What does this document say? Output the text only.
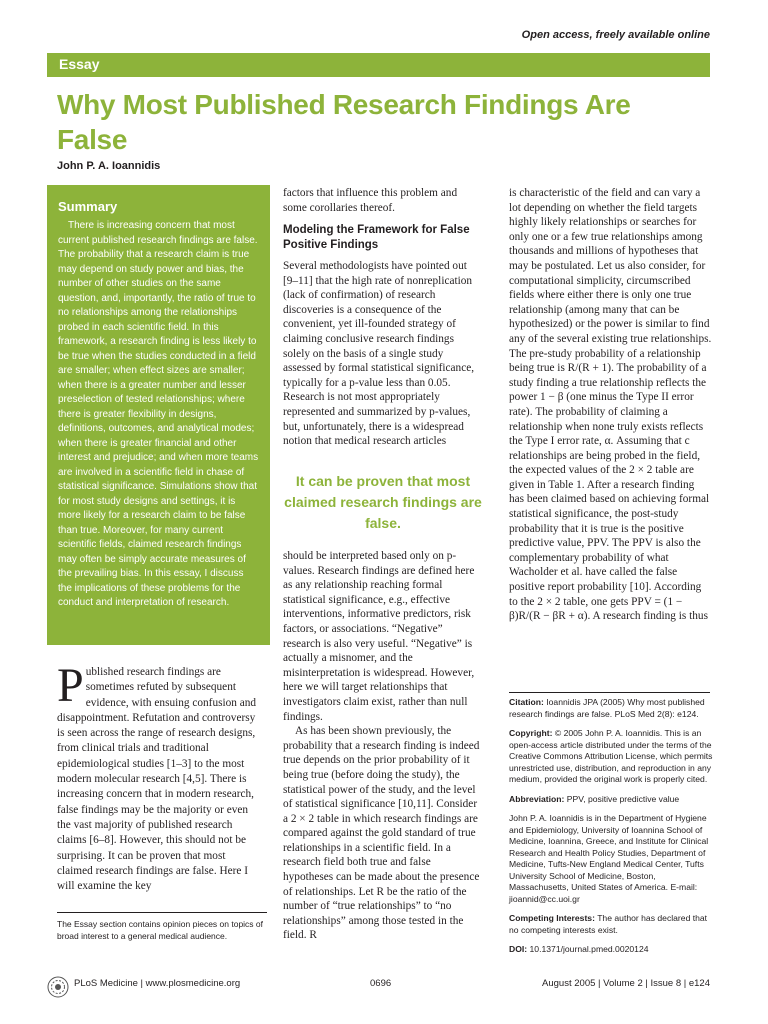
Open access, freely available online
Essay
Why Most Published Research Findings Are False
John P. A. Ioannidis
Summary
There is increasing concern that most current published research findings are false. The probability that a research claim is true may depend on study power and bias, the number of other studies on the same question, and, importantly, the ratio of true to no relationships among the relationships probed in each scientific field. In this framework, a research finding is less likely to be true when the studies conducted in a field are smaller; when effect sizes are smaller; when there is a greater number and lesser preselection of tested relationships; where there is greater flexibility in designs, definitions, outcomes, and analytical modes; when there is greater financial and other interest and prejudice; and when more teams are involved in a scientific field in chase of statistical significance. Simulations show that for most study designs and settings, it is more likely for a research claim to be false than true. Moreover, for many current scientific fields, claimed research findings may often be simply accurate measures of the prevailing bias. In this essay, I discuss the implications of these problems for the conduct and interpretation of research.
Published research findings are sometimes refuted by subsequent evidence, with ensuing confusion and disappointment. Refutation and controversy is seen across the range of research designs, from clinical trials and traditional epidemiological studies [1–3] to the most modern molecular research [4,5]. There is increasing concern that in modern research, false findings may be the majority or even the vast majority of published research claims [6–8]. However, this should not be surprising. It can be proven that most claimed research findings are false. Here I will examine the key
The Essay section contains opinion pieces on topics of broad interest to a general medical audience.
factors that influence this problem and some corollaries thereof.
Modeling the Framework for False Positive Findings
Several methodologists have pointed out [9–11] that the high rate of nonreplication (lack of confirmation) of research discoveries is a consequence of the convenient, yet ill-founded strategy of claiming conclusive research findings solely on the basis of a single study assessed by formal statistical significance, typically for a p-value less than 0.05. Research is not most appropriately represented and summarized by p-values, but, unfortunately, there is a widespread notion that medical research articles
It can be proven that most claimed research findings are false.
should be interpreted based only on p-values. Research findings are defined here as any relationship reaching formal statistical significance, e.g., effective interventions, informative predictors, risk factors, or associations. “Negative” research is also very useful. “Negative” is actually a misnomer, and the misinterpretation is widespread. However, here we will target relationships that investigators claim exist, rather than null findings.
As has been shown previously, the probability that a research finding is indeed true depends on the prior probability of it being true (before doing the study), the statistical power of the study, and the level of statistical significance [10,11]. Consider a 2 × 2 table in which research findings are compared against the gold standard of true relationships in a scientific field. In a research field both true and false hypotheses can be made about the presence of relationships. Let R be the ratio of the number of “true relationships” to “no relationships” among those tested in the field. R
is characteristic of the field and can vary a lot depending on whether the field targets highly likely relationships or searches for only one or a few true relationships among thousands and millions of hypotheses that may be postulated. Let us also consider, for computational simplicity, circumscribed fields where either there is only one true relationship (among many that can be hypothesized) or the power is similar to find any of the several existing true relationships. The pre-study probability of a relationship being true is R/(R + 1). The probability of a study finding a true relationship reflects the power 1 − β (one minus the Type II error rate). The probability of claiming a relationship when none truly exists reflects the Type I error rate, α. Assuming that c relationships are being probed in the field, the expected values of the 2 × 2 table are given in Table 1. After a research finding has been claimed based on achieving formal statistical significance, the post-study probability that it is true is the positive predictive value, PPV. The PPV is also the complementary probability of what Wacholder et al. have called the false positive report probability [10]. According to the 2 × 2 table, one gets PPV = (1 − β)R/(R − βR + α). A research finding is thus

Citation: Ioannidis JPA (2005) Why most published research findings are false. PLoS Med 2(8): e124.

Copyright: © 2005 John P. A. Ioannidis. This is an open-access article distributed under the terms of the Creative Commons Attribution License, which permits unrestricted use, distribution, and reproduction in any medium, provided the original work is properly cited.

Abbreviation: PPV, positive predictive value

John P. A. Ioannidis is in the Department of Hygiene and Epidemiology, University of Ioannina School of Medicine, Ioannina, Greece, and Institute for Clinical Research and Health Policy Studies, Department of Medicine, Tufts-New England Medical Center, Tufts University School of Medicine, Boston, Massachusetts, United States of America. E-mail: jioannid@cc.uoi.gr

Competing Interests: The author has declared that no competing interests exist.

DOI: 10.1371/journal.pmed.0020124

PLoS Medicine | www.plosmedicine.org	0696	August 2005 | Volume 2 | Issue 8 | e124
